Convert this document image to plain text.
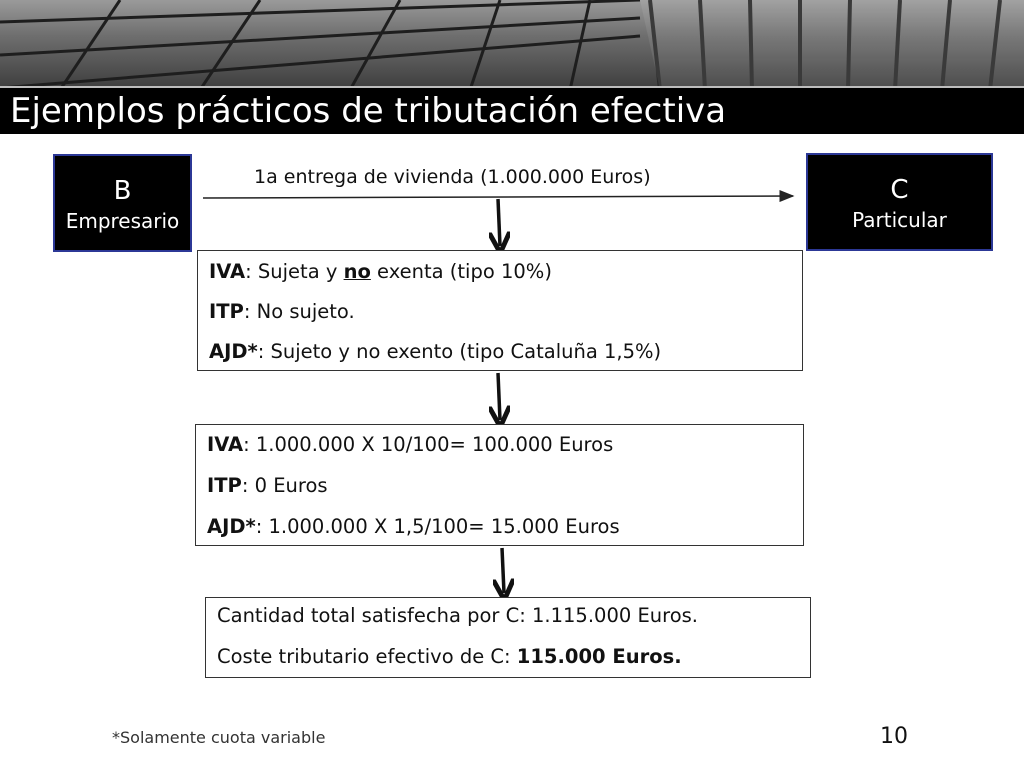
Ejemplos prácticos de tributación efectiva
B
Empresario
C
Particular
1a entrega de vivienda (1.000.000 Euros)
IVA: Sujeta y no exenta (tipo 10%)
ITP: No sujeto.
AJD*: Sujeto y no exento (tipo Cataluña 1,5%)
IVA: 1.000.000 X 10/100= 100.000 Euros
ITP: 0 Euros
AJD*: 1.000.000 X 1,5/100= 15.000 Euros
Cantidad total satisfecha por C: 1.115.000 Euros.
Coste tributario efectivo de C: 115.000 Euros.
*Solamente cuota variable	10
